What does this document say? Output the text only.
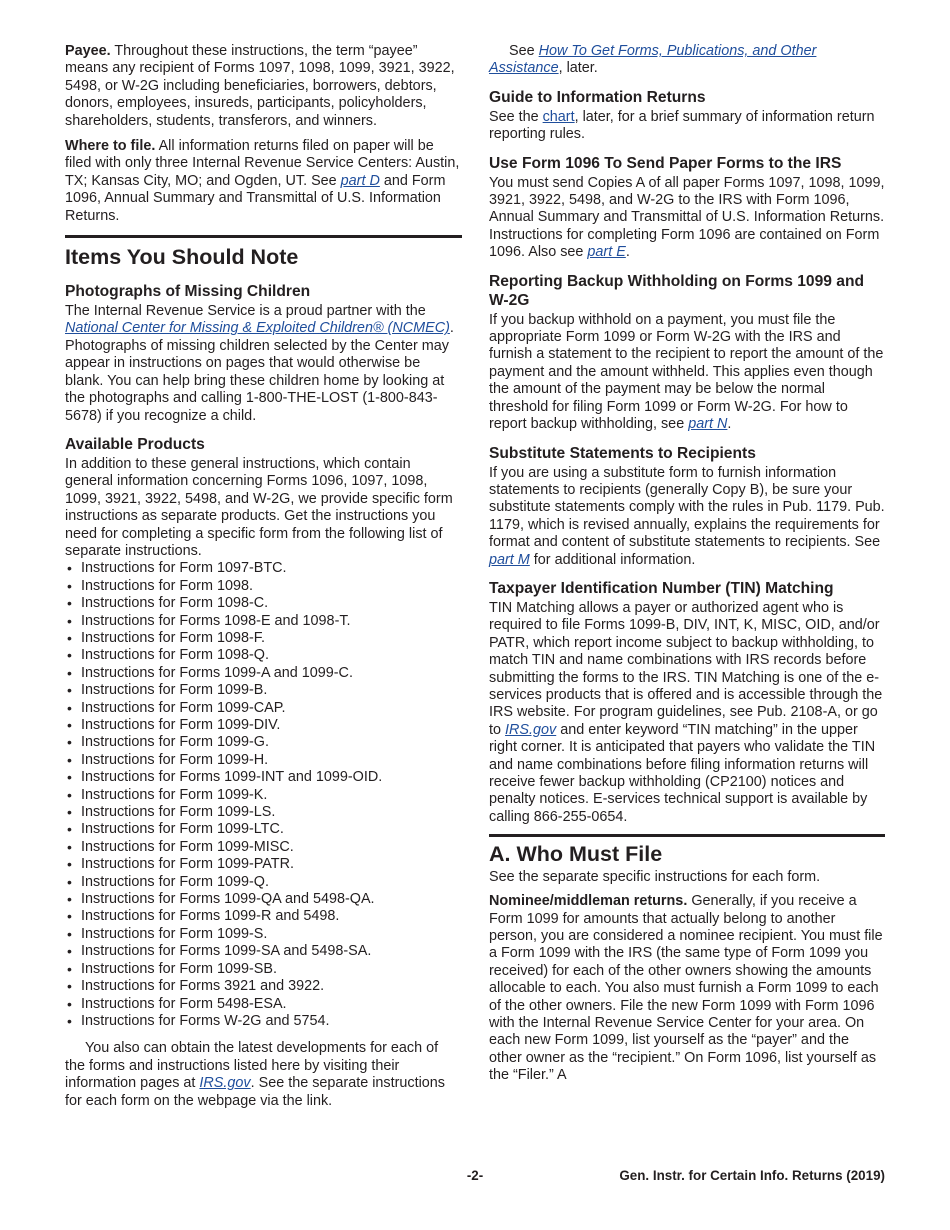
Payee. Throughout these instructions, the term “payee” means any recipient of Forms 1097, 1098, 1099, 3921, 3922, 5498, or W-2G including beneficiaries, borrowers, debtors, donors, employees, insureds, participants, policyholders, shareholders, students, transferors, and winners.

Where to file. All information returns filed on paper will be filed with only three Internal Revenue Service Centers: Austin, TX; Kansas City, MO; and Ogden, UT. See part D and Form 1096, Annual Summary and Transmittal of U.S. Information Returns.

Items You Should Note
Photographs of Missing Children

The Internal Revenue Service is a proud partner with the National Center for Missing & Exploited Children® (NCMEC). Photographs of missing children selected by the Center may appear in instructions on pages that would otherwise be blank. You can help bring these children home by looking at the photographs and calling 1-800-THE-LOST (1-800-843-5678) if you recognize a child.

Available Products

In addition to these general instructions, which contain general information concerning Forms 1096, 1097, 1098, 1099, 3921, 3922, 5498, and W-2G, we provide specific form instructions as separate products. Get the instructions you need for completing a specific form from the following list of separate instructions.

• Instructions for Form 1097-BTC.
• Instructions for Form 1098.
• Instructions for Form 1098-C.
• Instructions for Forms 1098-E and 1098-T.
• Instructions for Form 1098-F.
• Instructions for Form 1098-Q.
• Instructions for Forms 1099-A and 1099-C.
• Instructions for Form 1099-B.
• Instructions for Form 1099-CAP.
• Instructions for Form 1099-DIV.
• Instructions for Form 1099-G.
• Instructions for Form 1099-H.
• Instructions for Forms 1099-INT and 1099-OID.
• Instructions for Form 1099-K.
• Instructions for Form 1099-LS.
• Instructions for Form 1099-LTC.
• Instructions for Form 1099-MISC.
• Instructions for Form 1099-PATR.
• Instructions for Form 1099-Q.
• Instructions for Forms 1099-QA and 5498-QA.
• Instructions for Forms 1099-R and 5498.
• Instructions for Form 1099-S.
• Instructions for Forms 1099-SA and 5498-SA.
• Instructions for Form 1099-SB.
• Instructions for Forms 3921 and 3922.
• Instructions for Form 5498-ESA.
• Instructions for Forms W-2G and 5754.

You also can obtain the latest developments for each of the forms and instructions listed here by visiting their information pages at IRS.gov. See the separate instructions for each form on the webpage via the link.

See How To Get Forms, Publications, and Other Assistance, later.

Guide to Information Returns

See the chart, later, for a brief summary of information return reporting rules.

Use Form 1096 To Send Paper Forms to the IRS

You must send Copies A of all paper Forms 1097, 1098, 1099, 3921, 3922, 5498, and W-2G to the IRS with Form 1096, Annual Summary and Transmittal of U.S. Information Returns. Instructions for completing Form 1096 are contained on Form 1096. Also see part E.

Reporting Backup Withholding on Forms 1099 and W-2G

If you backup withhold on a payment, you must file the appropriate Form 1099 or Form W-2G with the IRS and furnish a statement to the recipient to report the amount of the payment and the amount withheld. This applies even though the amount of the payment may be below the normal threshold for filing Form 1099 or Form W-2G. For how to report backup withholding, see part N.

Substitute Statements to Recipients

If you are using a substitute form to furnish information statements to recipients (generally Copy B), be sure your substitute statements comply with the rules in Pub. 1179. Pub. 1179, which is revised annually, explains the requirements for format and content of substitute statements to recipients. See part M for additional information.

Taxpayer Identification Number (TIN) Matching

TIN Matching allows a payer or authorized agent who is required to file Forms 1099-B, DIV, INT, K, MISC, OID, and/or PATR, which report income subject to backup withholding, to match TIN and name combinations with IRS records before submitting the forms to the IRS. TIN Matching is one of the e-services products that is offered and is accessible through the IRS website. For program guidelines, see Pub. 2108-A, or go to IRS.gov and enter keyword “TIN matching” in the upper right corner. It is anticipated that payers who validate the TIN and name combinations before filing information returns will receive fewer backup withholding (CP2100) notices and penalty notices. E-services technical support is available by calling 866-255-0654.

A. Who Must File

See the separate specific instructions for each form.

Nominee/middleman returns. Generally, if you receive a Form 1099 for amounts that actually belong to another person, you are considered a nominee recipient. You must file a Form 1099 with the IRS (the same type of Form 1099 you received) for each of the other owners showing the amounts allocable to each. You also must furnish a Form 1099 to each of the other owners. File the new Form 1099 with Form 1096 with the Internal Revenue Service Center for your area. On each new Form 1099, list yourself as the “payer” and the other owner as the “recipient.” On Form 1096, list yourself as the “Filer.” A

-2-	Gen. Instr. for Certain Info. Returns (2019)
